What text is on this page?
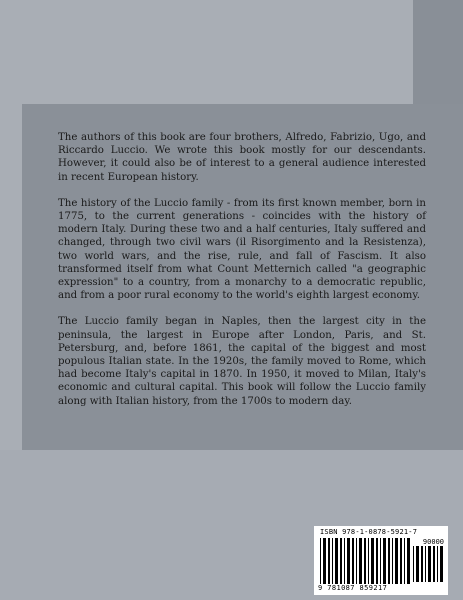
The authors of this book are four brothers, Alfredo, Fabrizio, Ugo, and Riccardo Luccio. We wrote this book mostly for our descendants. However, it could also be of interest to a general audience interested in recent European history.

The history of the Luccio family - from its first known member, born in 1775, to the current generations - coincides with the history of modern Italy. During these two and a half centuries, Italy suffered and changed, through two civil wars (il Risorgimento and la Resistenza), two world wars, and the rise, rule, and fall of Fascism. It also transformed itself from what Count Metternich called "a geographic expression" to a country, from a monarchy to a democratic republic, and from a poor rural economy to the world's eighth largest economy.

The Luccio family began in Naples, then the largest city in the peninsula, the largest in Europe after London, Paris, and St. Petersburg, and, before 1861, the capital of the biggest and most populous Italian state. In the 1920s, the family moved to Rome, which had become Italy's capital in 1870. In 1950, it moved to Milan, Italy's economic and cultural capital. This book will follow the Luccio family along with Italian history, from the 1700s to modern day.

ISBN 978-1-0878-5921-7
90000
9 781087 859217
